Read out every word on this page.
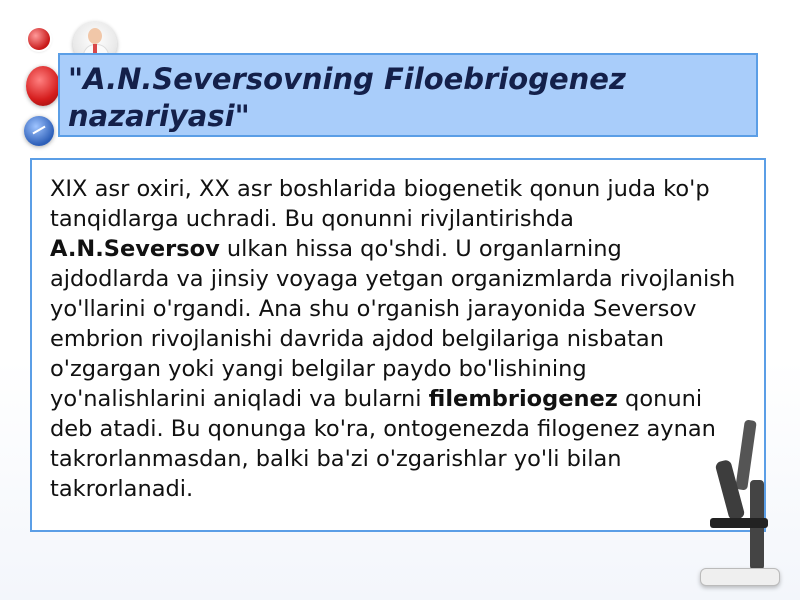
"A.N.Seversovning Filoebriogenez nazariyasi"

XIX asr oxiri, XX asr boshlarida biogenetik qonun juda ko'p tanqidlarga uchradi. Bu qonunni rivjlantirishda A.N.Seversov ulkan hissa qo'shdi. U organlarning ajdodlarda va jinsiy voyaga yetgan organizmlarda rivojlanish yo'llarini o'rgandi. Ana shu o'rganish jarayonida Seversov embrion rivojlanishi davrida ajdod belgilariga nisbatan o'zgargan yoki yangi belgilar paydo bo'lishining yo'nalishlarini aniqladi va bularni filembriogenez qonuni deb atadi. Bu qonunga ko'ra, ontogenezda filogenez aynan takrorlanmasdan, balki ba'zi o'zgarishlar yo'li bilan takrorlanadi.
